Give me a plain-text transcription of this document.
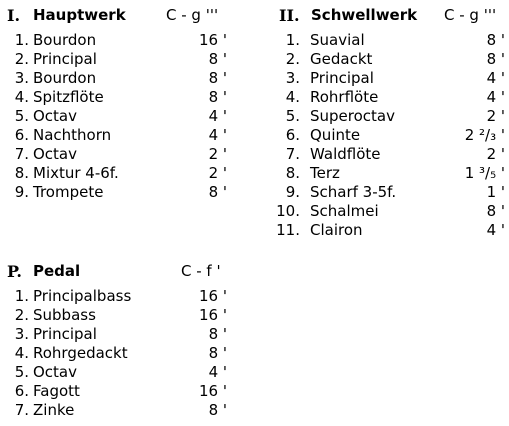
I. Hauptwerk	C - g '''
1. Bourdon	16 '
2. Principal	8 '
3. Bourdon	8 '
4. Spitzflöte	8 '
5. Octav	4 '
6. Nachthorn	4 '
7. Octav	2 '
8. Mixtur 4-6f.	2 '
9. Trompete	8 '
II. Schwellwerk C - g '''
1. Suavial	8 '
2. Gedackt	8 '
3. Principal	4 '
4. Rohrflöte	4 '
5. Superoctav	2 '
6. Quinte	2 ²/₃ '
7. Waldflöte	2 '
8. Terz	1 ³/₅ '
9. Scharf 3-5f.	1 '
10. Schalmei	8 '
11. Clairon	4 '
P. Pedal	C - f '
1. Principalbass	16 '
2. Subbass	16 '
3. Principal	8 '
4. Rohrgedackt	8 '
5. Octav	4 '
6. Fagott	16 '
7. Zinke	8 '
